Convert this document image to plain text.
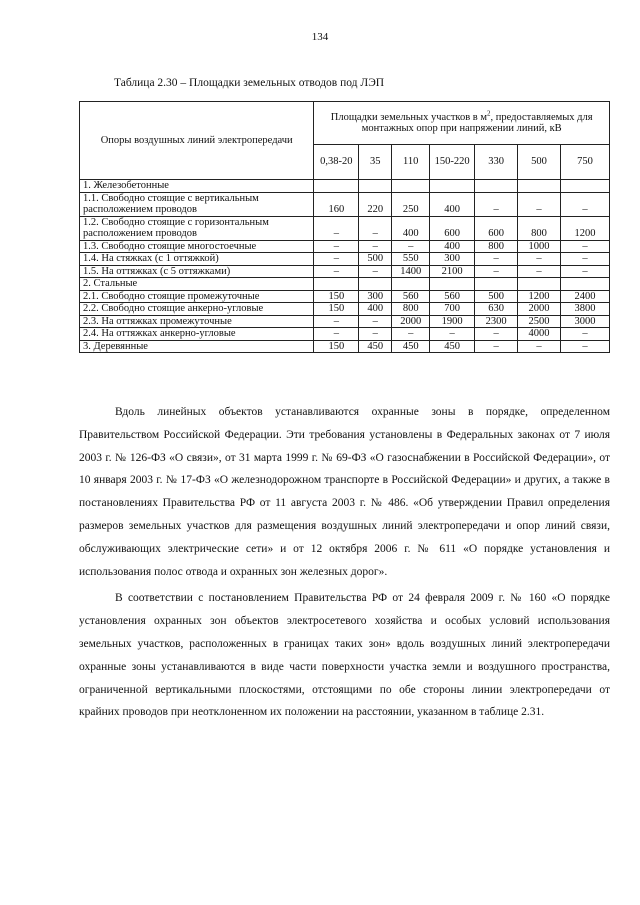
134
Таблица 2.30 – Площадки земельных отводов под ЛЭП
Опоры воздушных линий электропередачи	Площадки земельных участков в $м^2$, предоставляемых для монтажных опор при напряжении линий, кВ						
	0,38-20	35	110	150-220	330	500	750
1. Железобетонные							
1.1. Свободно стоящие с вертикальным расположением проводов	160	220	250	400	–	–	–
1.2. Свободно стоящие с горизонтальным расположением проводов	–	–	400	600	600	800	1200
1.3. Свободно стоящие многостоечные	–	–	–	400	800	1000	–
1.4. На стяжках (с 1 оттяжкой)	–	500	550	300	–	–	–
1.5. На оттяжках (с 5 оттяжками)	–	–	1400	2100	–	–	–
2. Стальные							
2.1. Свободно стоящие промежуточные	150	300	560	560	500	1200	2400
2.2. Свободно стоящие анкерно-угловые	150	400	800	700	630	2000	3800
2.3. На оттяжках промежуточные	–	–	2000	1900	2300	2500	3000
2.4. На оттяжках анкерно-угловые	–	–	–	–	–	4000	–
3. Деревянные	150	450	450	450	–	–	–

Вдоль линейных объектов устанавливаются охранные зоны в порядке, определенном Правительством Российской Федерации. Эти требования установлены в Федеральных законах от 7 июля 2003 г. № 126-ФЗ «О связи», от 31 марта 1999 г. № 69-ФЗ «О газоснабжении в Российской Федерации», от 10 января 2003 г. № 17-ФЗ «О железнодорожном транспорте в Российской Федерации» и других, а также в постановлениях Правительства РФ от 11 августа 2003 г. № 486. «Об утверждении Правил определения размеров земельных участков для размещения воздушных линий электропередачи и опор линий связи, обслуживающих электрические сети» и от 12 октября 2006 г. № 611 «О порядке установления и использования полос отвода и охранных зон железных дорог».

В соответствии с постановлением Правительства РФ от 24 февраля 2009 г. № 160 «О порядке установления охранных зон объектов электросетевого хозяйства и особых условий использования земельных участков, расположенных в границах таких зон» вдоль воздушных линий электропередачи охранные зоны устанавливаются в виде части поверхности участка земли и воздушного пространства, ограниченной вертикальными плоскостями, отстоящими по обе стороны линии электропередачи от крайних проводов при неотклоненном их положении на расстоянии, указанном в таблице 2.31.
